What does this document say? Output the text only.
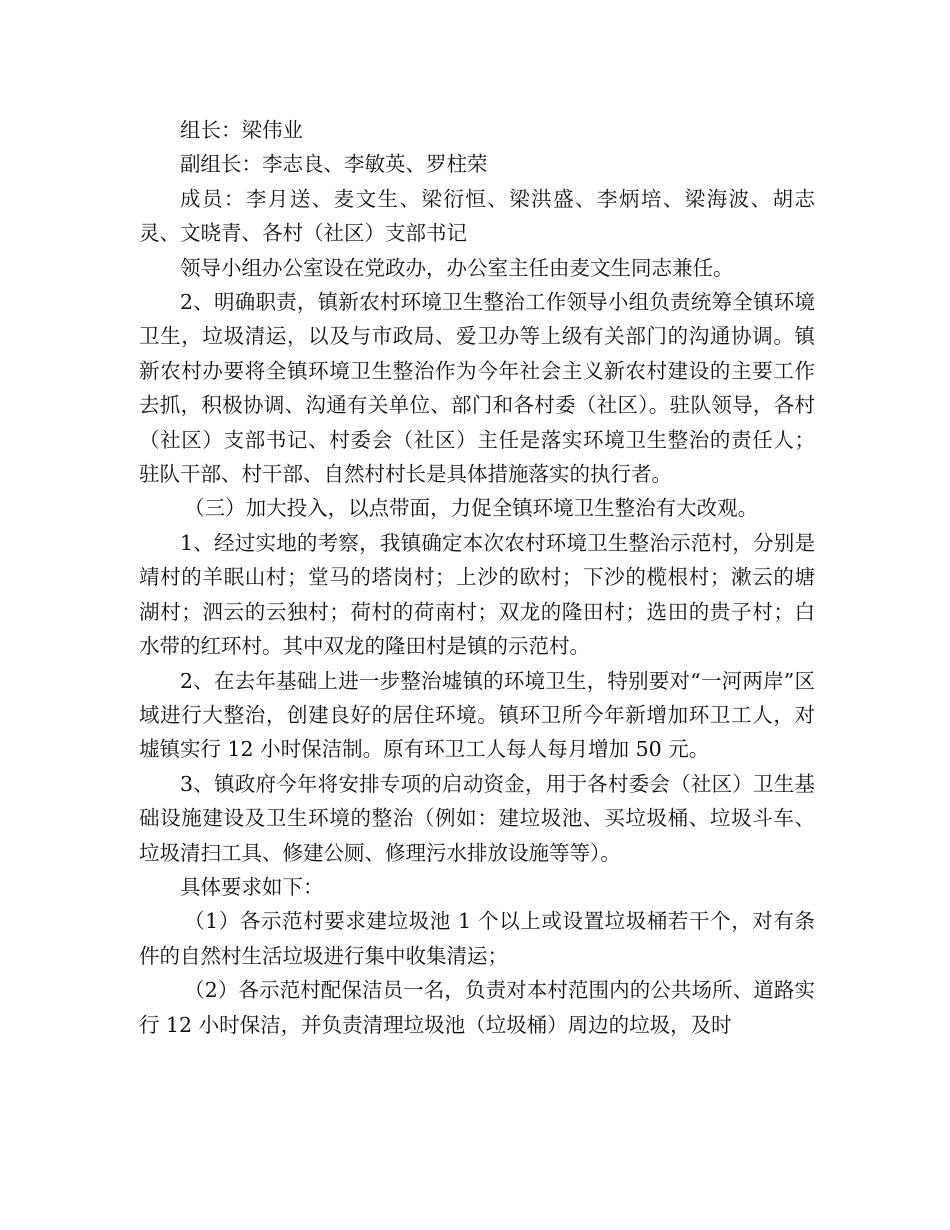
组长：梁伟业

副组长：李志良、李敏英、罗柱荣

成员：李月送、麦文生、梁衍恒、梁洪盛、李炳培、梁海波、胡志灵、文晓青、各村（社区）支部书记

领导小组办公室设在党政办，办公室主任由麦文生同志兼任。

2、明确职责，镇新农村环境卫生整治工作领导小组负责统筹全镇环境卫生，垃圾清运，以及与市政局、爱卫办等上级有关部门的沟通协调。镇新农村办要将全镇环境卫生整治作为今年社会主义新农村建设的主要工作去抓，积极协调、沟通有关单位、部门和各村委（社区）。驻队领导，各村（社区）支部书记、村委会（社区）主任是落实环境卫生整治的责任人；驻队干部、村干部、自然村村长是具体措施落实的执行者。

（三）加大投入，以点带面，力促全镇环境卫生整治有大改观。

1、经过实地的考察，我镇确定本次农村环境卫生整治示范村，分别是靖村的羊眠山村；堂马的塔岗村；上沙的欧村；下沙的榄根村；漱云的塘湖村；泗云的云独村；荷村的荷南村；双龙的隆田村；选田的贵子村；白水带的红环村。其中双龙的隆田村是镇的示范村。

2、在去年基础上进一步整治墟镇的环境卫生，特别要对“一河两岸”区域进行大整治，创建良好的居住环境。镇环卫所今年新增加环卫工人，对墟镇实行 12 小时保洁制。原有环卫工人每人每月增加 50 元。

3、镇政府今年将安排专项的启动资金，用于各村委会（社区）卫生基础设施建设及卫生环境的整治（例如：建垃圾池、买垃圾桶、垃圾斗车、垃圾清扫工具、修建公厕、修理污水排放设施等等）。

具体要求如下：

（1）各示范村要求建垃圾池 1 个以上或设置垃圾桶若干个，对有条件的自然村生活垃圾进行集中收集清运；

（2）各示范村配保洁员一名，负责对本村范围内的公共场所、道路实行 12 小时保洁，并负责清理垃圾池（垃圾桶）周边的垃圾，及时
